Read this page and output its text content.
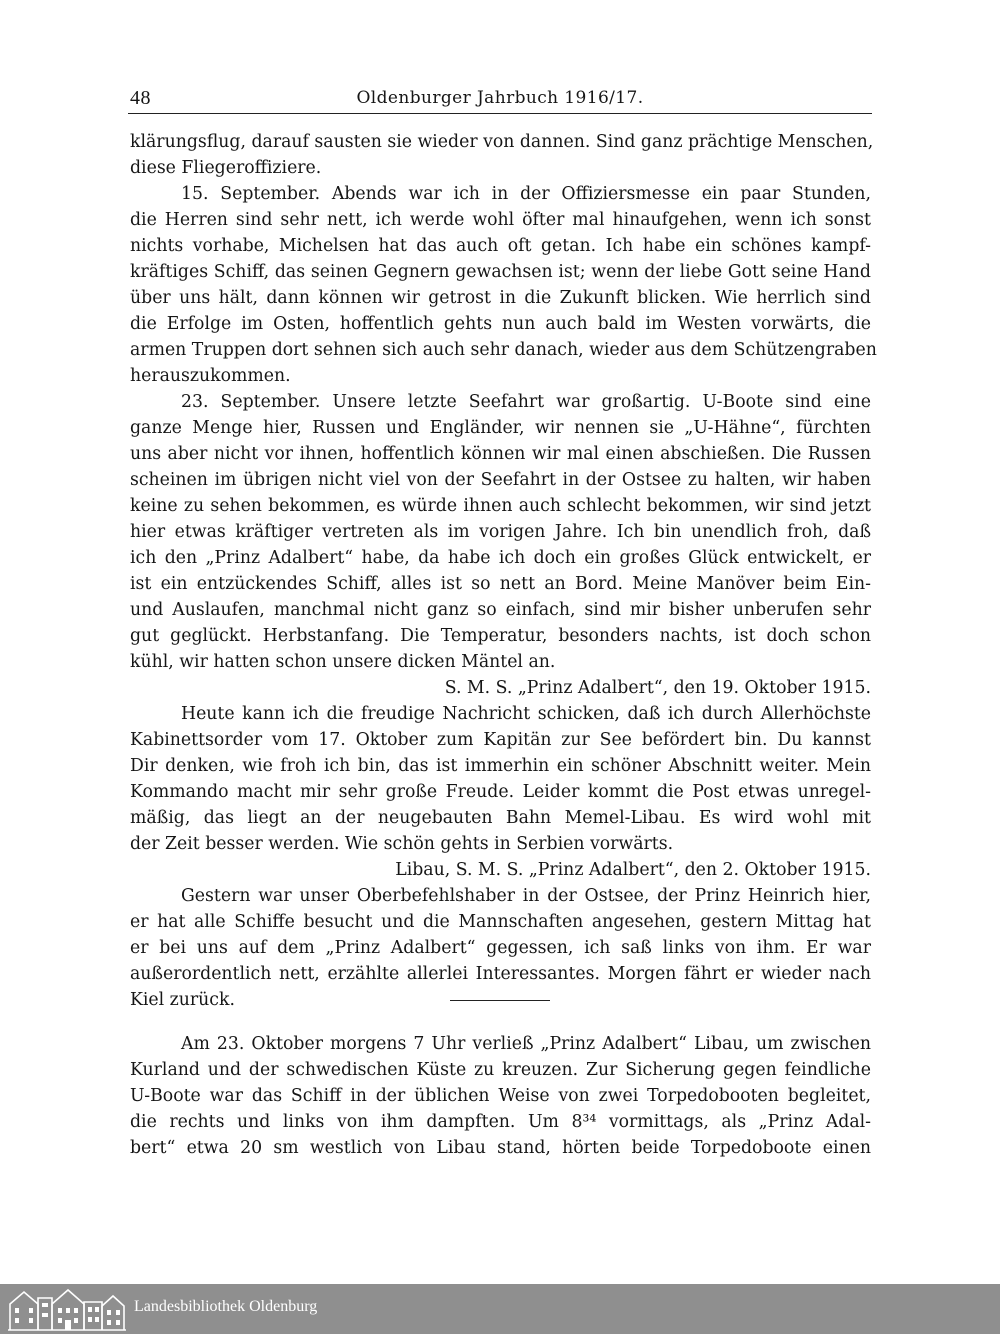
48	Oldenburger Jahrbuch 1916/17.
klärungsflug, darauf sausten sie wieder von dannen. Sind ganz prächtige Menschen,
diese Fliegeroffiziere.
15. September. Abends war ich in der Offiziersmesse ein paar Stunden,
die Herren sind sehr nett, ich werde wohl öfter mal hinaufgehen, wenn ich sonst
nichts vorhabe, Michelsen hat das auch oft getan. Ich habe ein schönes kampf-
kräftiges Schiff, das seinen Gegnern gewachsen ist; wenn der liebe Gott seine Hand
über uns hält, dann können wir getrost in die Zukunft blicken. Wie herrlich sind
die Erfolge im Osten, hoffentlich gehts nun auch bald im Westen vorwärts, die
armen Truppen dort sehnen sich auch sehr danach, wieder aus dem Schützengraben
herauszukommen.
23. September. Unsere letzte Seefahrt war großartig. U-Boote sind eine
ganze Menge hier, Russen und Engländer, wir nennen sie „U-Hähne“, fürchten
uns aber nicht vor ihnen, hoffentlich können wir mal einen abschießen. Die Russen
scheinen im übrigen nicht viel von der Seefahrt in der Ostsee zu halten, wir haben
keine zu sehen bekommen, es würde ihnen auch schlecht bekommen, wir sind jetzt
hier etwas kräftiger vertreten als im vorigen Jahre. Ich bin unendlich froh, daß
ich den „Prinz Adalbert“ habe, da habe ich doch ein großes Glück entwickelt, er
ist ein entzückendes Schiff, alles ist so nett an Bord. Meine Manöver beim Ein-
und Auslaufen, manchmal nicht ganz so einfach, sind mir bisher unberufen sehr
gut geglückt. Herbstanfang. Die Temperatur, besonders nachts, ist doch schon
kühl, wir hatten schon unsere dicken Mäntel an.
S. M. S. „Prinz Adalbert“, den 19. Oktober 1915.
Heute kann ich die freudige Nachricht schicken, daß ich durch Allerhöchste
Kabinettsorder vom 17. Oktober zum Kapitän zur See befördert bin. Du kannst
Dir denken, wie froh ich bin, das ist immerhin ein schöner Abschnitt weiter. Mein
Kommando macht mir sehr große Freude. Leider kommt die Post etwas unregel-
mäßig, das liegt an der neugebauten Bahn Memel-Libau. Es wird wohl mit
der Zeit besser werden. Wie schön gehts in Serbien vorwärts.
Libau, S. M. S. „Prinz Adalbert“, den 2. Oktober 1915.
Gestern war unser Oberbefehlshaber in der Ostsee, der Prinz Heinrich hier,
er hat alle Schiffe besucht und die Mannschaften angesehen, gestern Mittag hat
er bei uns auf dem „Prinz Adalbert“ gegessen, ich saß links von ihm. Er war
außerordentlich nett, erzählte allerlei Interessantes. Morgen fährt er wieder nach
Kiel zurück.
Am 23. Oktober morgens 7 Uhr verließ „Prinz Adalbert“ Libau, um zwischen
Kurland und der schwedischen Küste zu kreuzen. Zur Sicherung gegen feindliche
U-Boote war das Schiff in der üblichen Weise von zwei Torpedobooten begleitet,
die rechts und links von ihm dampften. Um 8³⁴ vormittags, als „Prinz Adal-
bert“ etwa 20 sm westlich von Libau stand, hörten beide Torpedoboote einen
Landesbibliothek Oldenburg
